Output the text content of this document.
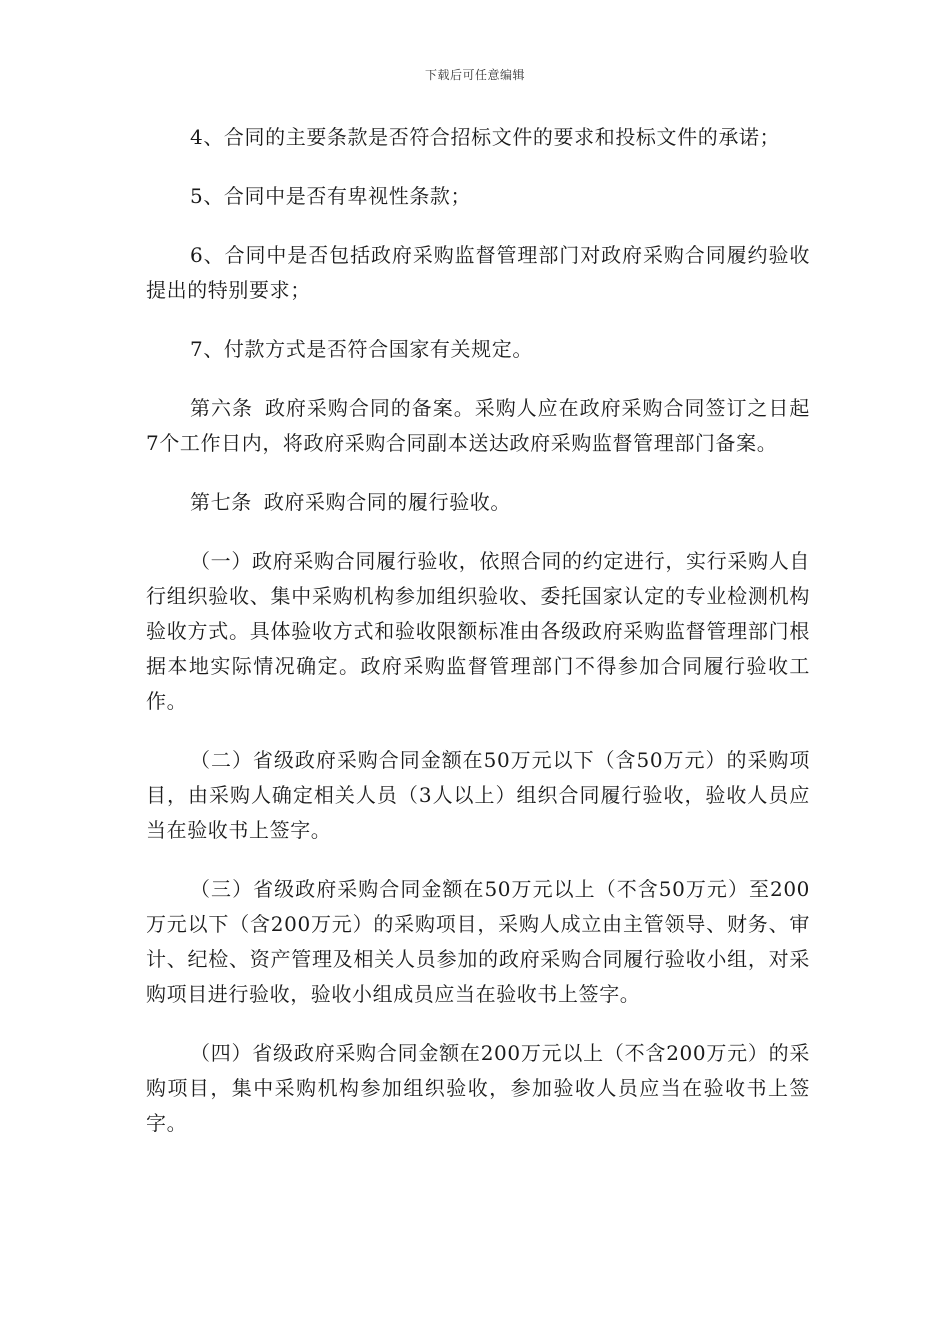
下载后可任意编辑

4、合同的主要条款是否符合招标文件的要求和投标文件的承诺；

5、合同中是否有卑视性条款；

6、合同中是否包括政府采购监督管理部门对政府采购合同履约验收提出的特别要求；

7、付款方式是否符合国家有关规定。

第六条 政府采购合同的备案。采购人应在政府采购合同签订之日起7个工作日内，将政府采购合同副本送达政府采购监督管理部门备案。

第七条 政府采购合同的履行验收。

（一）政府采购合同履行验收，依照合同的约定进行，实行采购人自行组织验收、集中采购机构参加组织验收、委托国家认定的专业检测机构验收方式。具体验收方式和验收限额标准由各级政府采购监督管理部门根据本地实际情况确定。政府采购监督管理部门不得参加合同履行验收工作。

（二）省级政府采购合同金额在50万元以下（含50万元）的采购项目，由采购人确定相关人员（3人以上）组织合同履行验收，验收人员应当在验收书上签字。

（三）省级政府采购合同金额在50万元以上（不含50万元）至200万元以下（含200万元）的采购项目，采购人成立由主管领导、财务、审计、纪检、资产管理及相关人员参加的政府采购合同履行验收小组，对采购项目进行验收，验收小组成员应当在验收书上签字。

（四）省级政府采购合同金额在200万元以上（不含200万元）的采购项目，集中采购机构参加组织验收，参加验收人员应当在验收书上签字。
